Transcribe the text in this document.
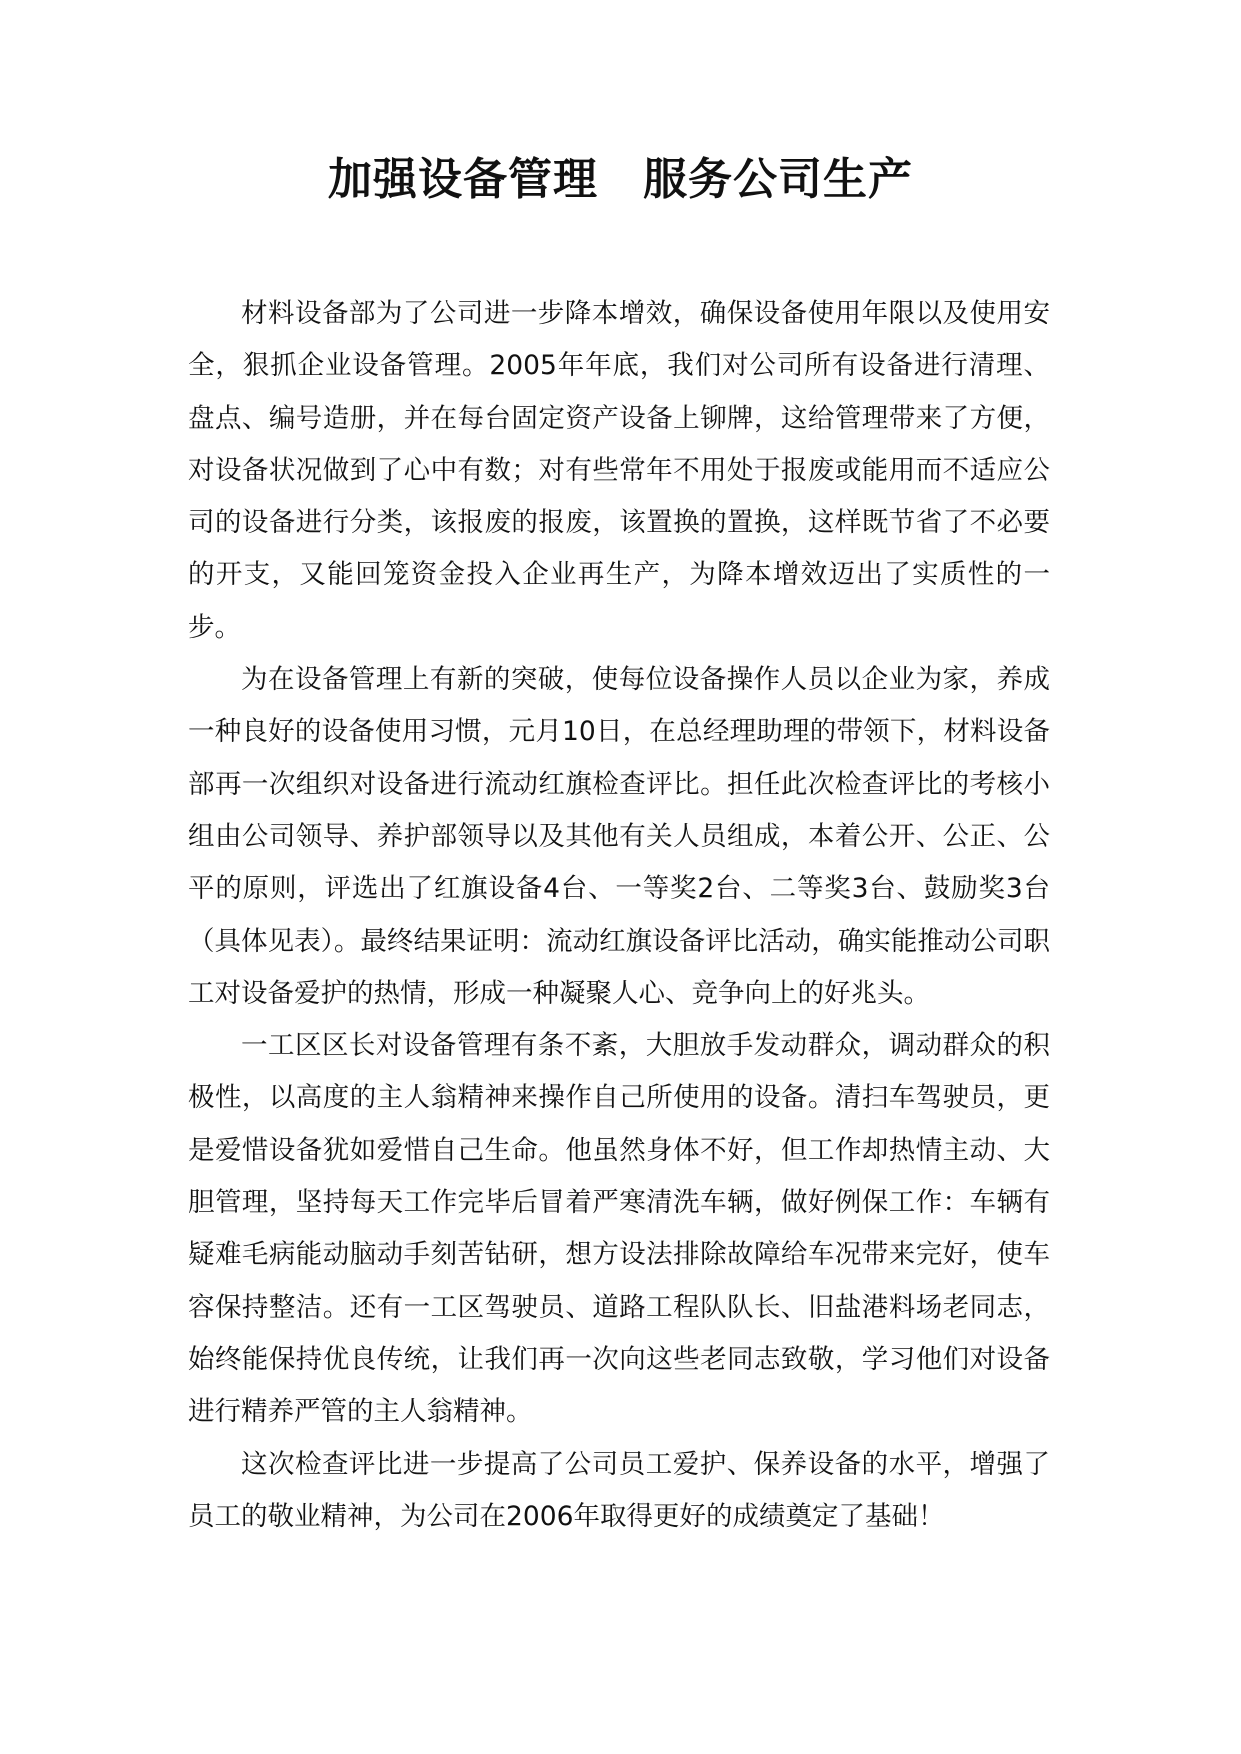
加强设备管理　服务公司生产

材料设备部为了公司进一步降本增效，确保设备使用年限以及使用安全，狠抓企业设备管理。2005年年底，我们对公司所有设备进行清理、盘点、编号造册，并在每台固定资产设备上铆牌，这给管理带来了方便，对设备状况做到了心中有数；对有些常年不用处于报废或能用而不适应公司的设备进行分类，该报废的报废，该置换的置换，这样既节省了不必要的开支，又能回笼资金投入企业再生产，为降本增效迈出了实质性的一步。

为在设备管理上有新的突破，使每位设备操作人员以企业为家，养成一种良好的设备使用习惯，元月10日，在总经理助理的带领下，材料设备部再一次组织对设备进行流动红旗检查评比。担任此次检查评比的考核小组由公司领导、养护部领导以及其他有关人员组成，本着公开、公正、公平的原则，评选出了红旗设备4台、一等奖2台、二等奖3台、鼓励奖3台（具体见表）。最终结果证明：流动红旗设备评比活动，确实能推动公司职工对设备爱护的热情，形成一种凝聚人心、竞争向上的好兆头。

一工区区长对设备管理有条不紊，大胆放手发动群众，调动群众的积极性，以高度的主人翁精神来操作自己所使用的设备。清扫车驾驶员，更是爱惜设备犹如爱惜自己生命。他虽然身体不好，但工作却热情主动、大胆管理，坚持每天工作完毕后冒着严寒清洗车辆，做好例保工作：车辆有疑难毛病能动脑动手刻苦钻研，想方设法排除故障给车况带来完好，使车容保持整洁。还有一工区驾驶员、道路工程队队长、旧盐港料场老同志，始终能保持优良传统，让我们再一次向这些老同志致敬，学习他们对设备进行精养严管的主人翁精神。

这次检查评比进一步提高了公司员工爱护、保养设备的水平，增强了员工的敬业精神，为公司在2006年取得更好的成绩奠定了基础！
